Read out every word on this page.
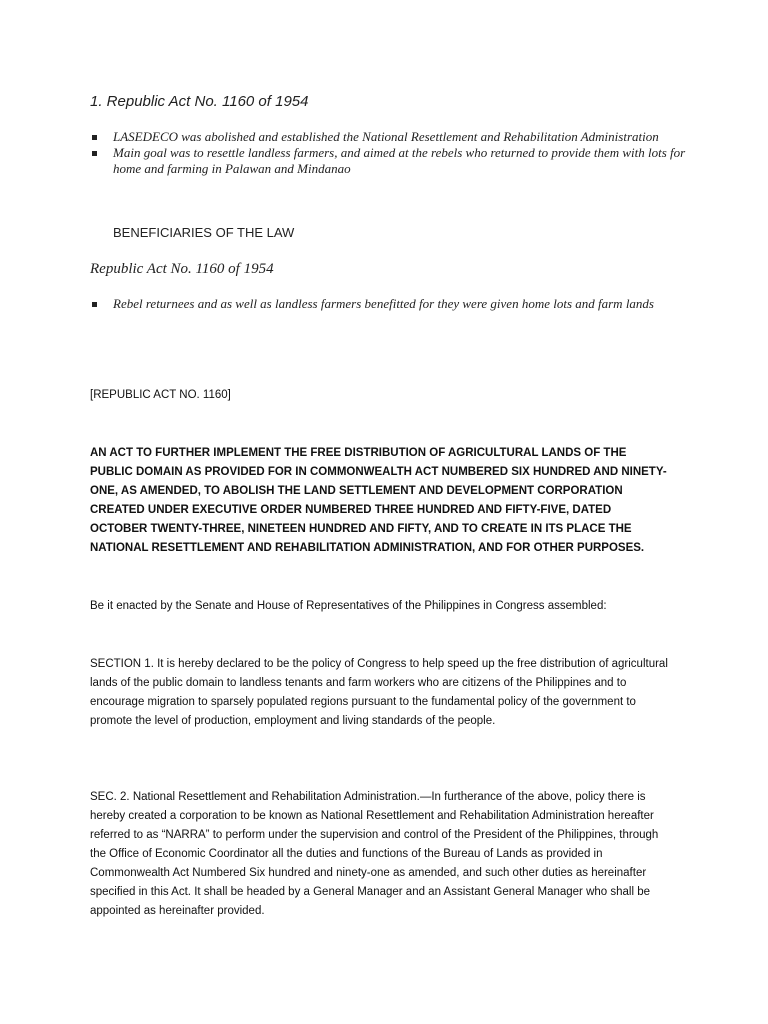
1. Republic Act No. 1160 of 1954
LASEDECO was abolished and established the National Resettlement and Rehabilitation Administration
Main goal was to resettle landless farmers, and aimed at the rebels who returned to provide them with lots for home and farming in Palawan and Mindanao
BENEFICIARIES OF THE LAW
Republic Act No. 1160 of 1954
Rebel returnees and as well as landless farmers benefitted for they were given home lots and farm lands

[REPUBLIC ACT NO. 1160]

AN ACT TO FURTHER IMPLEMENT THE FREE DISTRIBUTION OF AGRICULTURAL LANDS OF THE PUBLIC DOMAIN AS PROVIDED FOR IN COMMONWEALTH ACT NUMBERED SIX HUNDRED AND NINETY-ONE, AS AMENDED, TO ABOLISH THE LAND SETTLEMENT AND DEVELOPMENT CORPORATION CREATED UNDER EXECUTIVE ORDER NUMBERED THREE HUNDRED AND FIFTY-FIVE, DATED OCTOBER TWENTY-THREE, NINETEEN HUNDRED AND FIFTY, AND TO CREATE IN ITS PLACE THE NATIONAL RESETTLEMENT AND REHABILITATION ADMINISTRATION, AND FOR OTHER PURPOSES.

Be it enacted by the Senate and House of Representatives of the Philippines in Congress assembled:

SECTION 1. It is hereby declared to be the policy of Congress to help speed up the free distribution of agricultural lands of the public domain to landless tenants and farm workers who are citizens of the Philippines and to encourage migration to sparsely populated regions pursuant to the fundamental policy of the government to promote the level of production, employment and living standards of the people.

SEC. 2. National Resettlement and Rehabilitation Administration.—In furtherance of the above, policy there is hereby created a corporation to be known as National Resettlement and Rehabilitation Administration hereafter referred to as “NARRA” to perform under the supervision and control of the President of the Philippines, through the Office of Economic Coordinator all the duties and functions of the Bureau of Lands as provided in Commonwealth Act Numbered Six hundred and ninety-one as amended, and such other duties as hereinafter specified in this Act. It shall be headed by a General Manager and an Assistant General Manager who shall be appointed as hereinafter provided.
